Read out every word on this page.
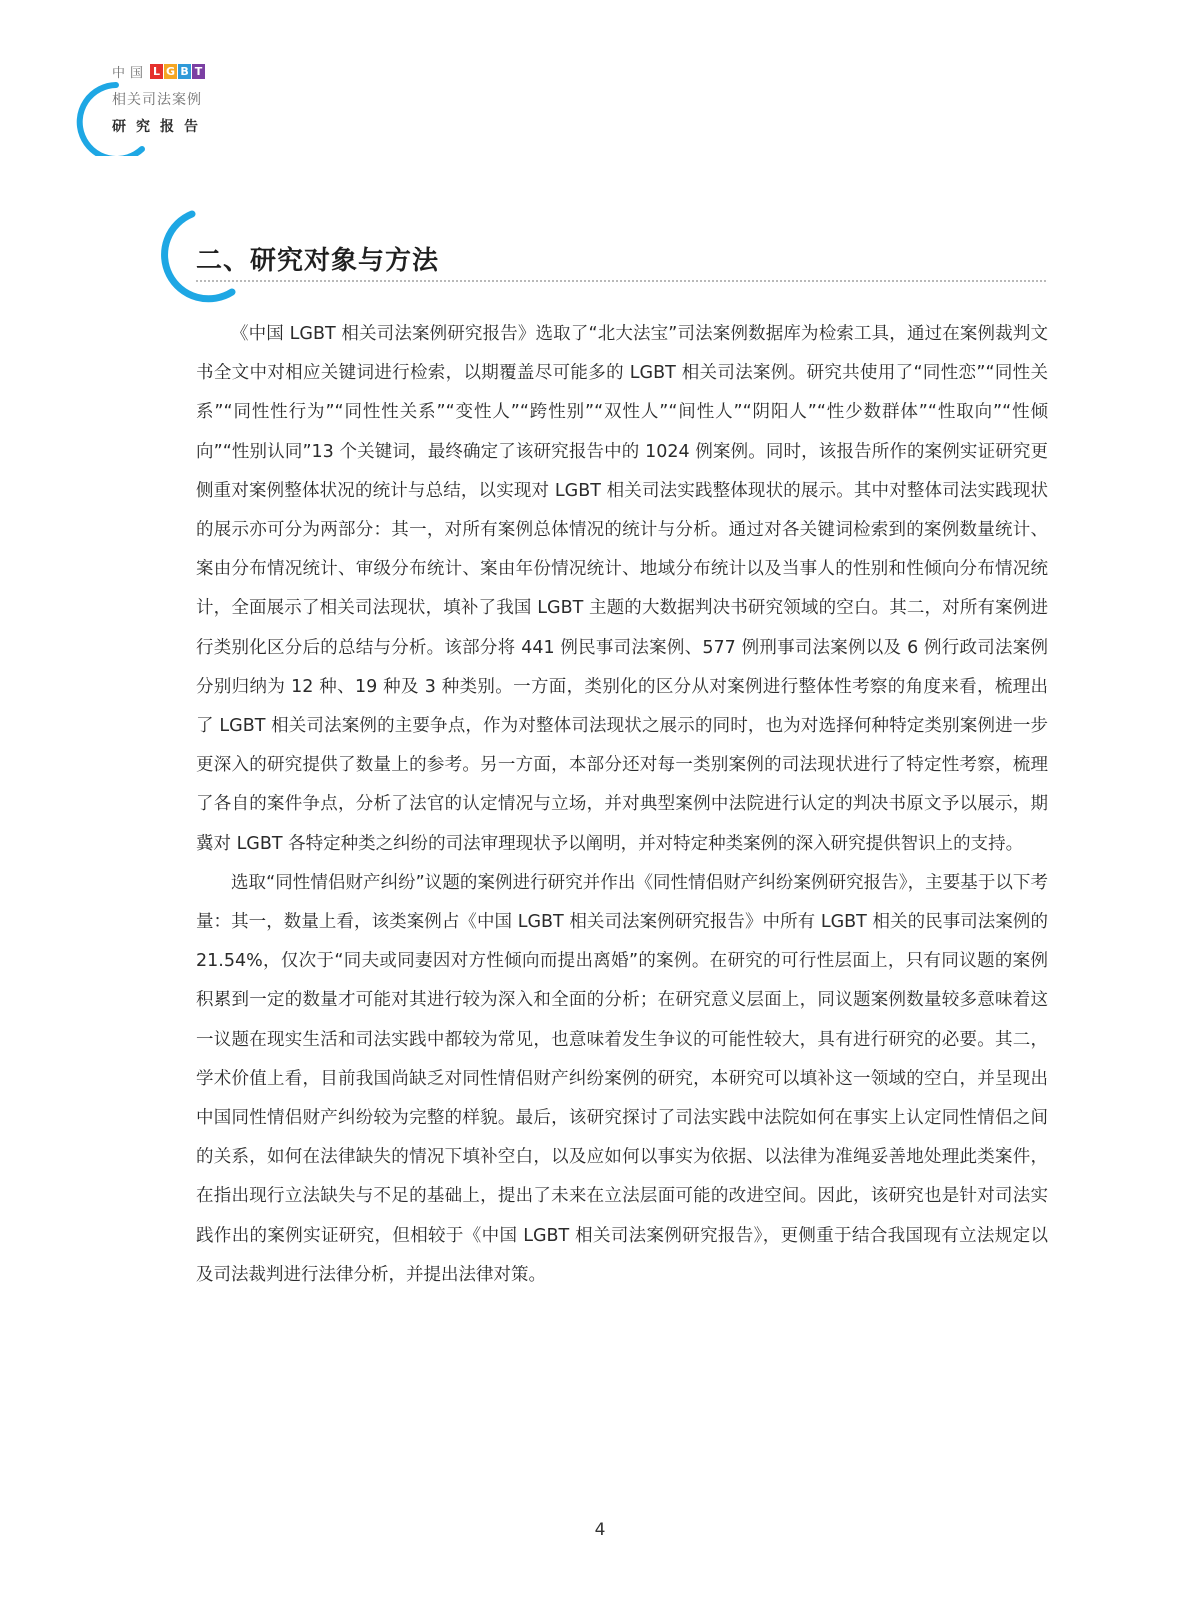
中国 L G B T
相关司法案例
研究报告
二、研究对象与方法

《中国 LGBT 相关司法案例研究报告》选取了“北大法宝”司法案例数据库为检索工具，通过在案例裁判文书全文中对相应关键词进行检索，以期覆盖尽可能多的 LGBT 相关司法案例。研究共使用了“同性恋”“同性关系”“同性性行为”“同性性关系”“变性人”“跨性别”“双性人”“间性人”“阴阳人”“性少数群体”“性取向”“性倾向”“性别认同”13 个关键词，最终确定了该研究报告中的 1024 例案例。同时，该报告所作的案例实证研究更侧重对案例整体状况的统计与总结，以实现对 LGBT 相关司法实践整体现状的展示。其中对整体司法实践现状的展示亦可分为两部分：其一，对所有案例总体情况的统计与分析。通过对各关键词检索到的案例数量统计、案由分布情况统计、审级分布统计、案由年份情况统计、地域分布统计以及当事人的性别和性倾向分布情况统计，全面展示了相关司法现状，填补了我国 LGBT 主题的大数据判决书研究领域的空白。其二，对所有案例进行类别化区分后的总结与分析。该部分将 441 例民事司法案例、577 例刑事司法案例以及 6 例行政司法案例分别归纳为 12 种、19 种及 3 种类别。一方面，类别化的区分从对案例进行整体性考察的角度来看，梳理出了 LGBT 相关司法案例的主要争点，作为对整体司法现状之展示的同时，也为对选择何种特定类别案例进一步更深入的研究提供了数量上的参考。另一方面，本部分还对每一类别案例的司法现状进行了特定性考察，梳理了各自的案件争点，分析了法官的认定情况与立场，并对典型案例中法院进行认定的判决书原文予以展示，期冀对 LGBT 各特定种类之纠纷的司法审理现状予以阐明，并对特定种类案例的深入研究提供智识上的支持。

选取“同性情侣财产纠纷”议题的案例进行研究并作出《同性情侣财产纠纷案例研究报告》，主要基于以下考量：其一，数量上看，该类案例占《中国 LGBT 相关司法案例研究报告》中所有 LGBT 相关的民事司法案例的 21.54%，仅次于“同夫或同妻因对方性倾向而提出离婚”的案例。在研究的可行性层面上，只有同议题的案例积累到一定的数量才可能对其进行较为深入和全面的分析；在研究意义层面上，同议题案例数量较多意味着这一议题在现实生活和司法实践中都较为常见，也意味着发生争议的可能性较大，具有进行研究的必要。其二，学术价值上看，目前我国尚缺乏对同性情侣财产纠纷案例的研究，本研究可以填补这一领域的空白，并呈现出中国同性情侣财产纠纷较为完整的样貌。最后，该研究探讨了司法实践中法院如何在事实上认定同性情侣之间的关系，如何在法律缺失的情况下填补空白，以及应如何以事实为依据、以法律为准绳妥善地处理此类案件，在指出现行立法缺失与不足的基础上，提出了未来在立法层面可能的改进空间。因此，该研究也是针对司法实践作出的案例实证研究，但相较于《中国 LGBT 相关司法案例研究报告》，更侧重于结合我国现有立法规定以及司法裁判进行法律分析，并提出法律对策。

4
